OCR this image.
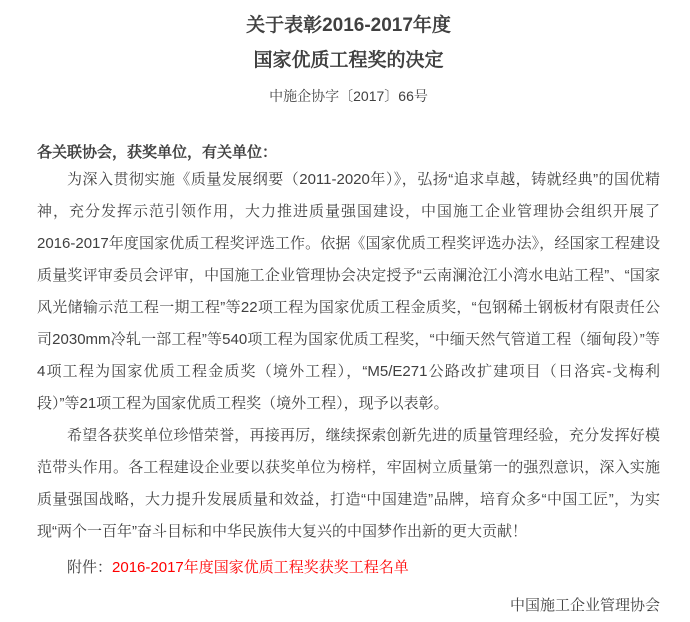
关于表彰2016-2017年度
国家优质工程奖的决定
中施企协字〔2017〕66号
各关联协会，获奖单位，有关单位：

为深入贯彻实施《质量发展纲要（2011-2020年）》，弘扬“追求卓越，铸就经典”的国优精神，充分发挥示范引领作用，大力推进质量强国建设，中国施工企业管理协会组织开展了2016-2017年度国家优质工程奖评选工作。依据《国家优质工程奖评选办法》，经国家工程建设质量奖评审委员会评审，中国施工企业管理协会决定授予“云南澜沧江小湾水电站工程”、“国家风光储输示范工程一期工程”等22项工程为国家优质工程金质奖，“包钢稀土钢板材有限责任公司2030mm冷轧一部工程”等540项工程为国家优质工程奖，“中缅天然气管道工程（缅甸段）”等4项工程为国家优质工程金质奖（境外工程），“M5/E271公路改扩建项目（日洛宾-戈梅利段）”等21项工程为国家优质工程奖（境外工程），现予以表彰。

希望各获奖单位珍惜荣誉，再接再厉，继续探索创新先进的质量管理经验，充分发挥好模范带头作用。各工程建设企业要以获奖单位为榜样，牢固树立质量第一的强烈意识，深入实施质量强国战略，大力提升发展质量和效益，打造“中国建造”品牌，培育众多“中国工匠”，为实现“两个一百年”奋斗目标和中华民族伟大复兴的中国梦作出新的更大贡献！

附件：2016-2017年度国家优质工程奖获奖工程名单
中国施工企业管理协会
